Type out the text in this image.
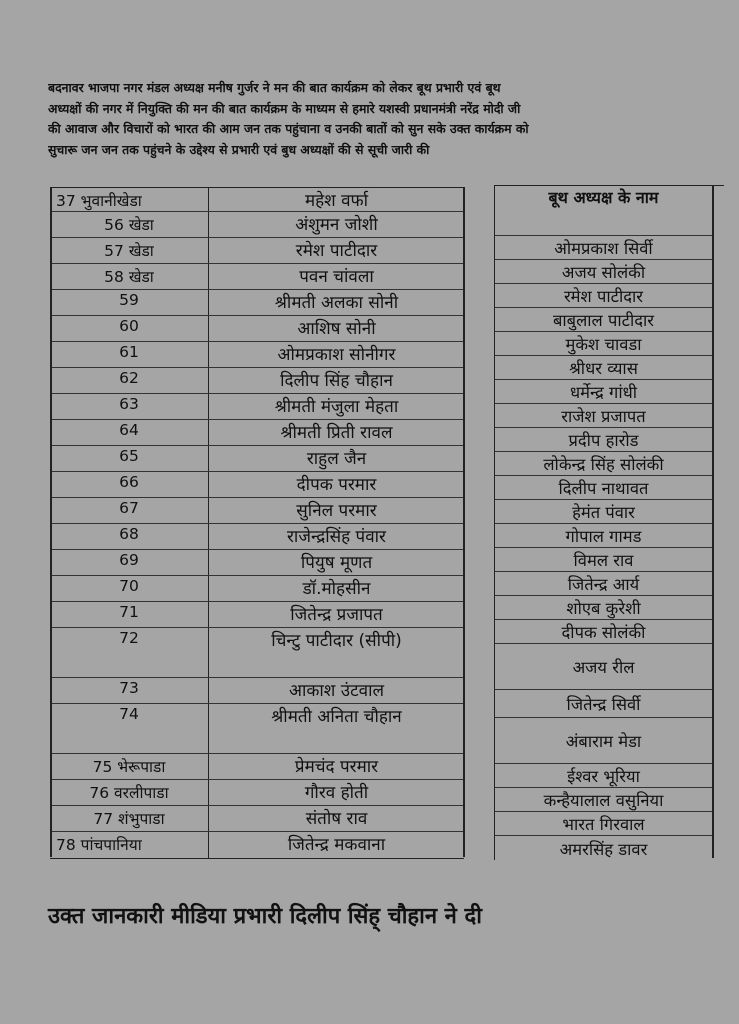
बदनावर भाजपा नगर मंडल अध्यक्ष मनीष गुर्जर ने मन की बात कार्यक्रम को लेकर बूथ प्रभारी एवं बूथ
अध्यक्षों की नगर में नियुक्ति की मन की बात कार्यक्रम के माध्यम से हमारे यशस्वी प्रधानमंत्री नरेंद्र मोदी जी
की आवाज और विचारों को भारत की आम जन तक पहुंचाना व उनकी बातों को सुन सके उक्त कार्यक्रम को
सुचारू जन जन तक पहुंचने के उद्देश्य से प्रभारी एवं बुध अध्यक्षों की से सूची जारी की
37 भुवानीखेडा	महेश वर्फा
56 खेडा	अंशुमन जोशी
57 खेडा	रमेश पाटीदार
58 खेडा	पवन चांवला
59	श्रीमती अलका सोनी
60	आशिष सोनी
61	ओमप्रकाश सोनीगर
62	दिलीप सिंह चौहान
63	श्रीमती मंजुला मेहता
64	श्रीमती प्रिती रावल
65	राहुल जैन
66	दीपक परमार
67	सुनिल परमार
68	राजेन्द्रसिंह पंवार
69	पियुष मूणत
70	डॉ.मोहसीन
71	जितेन्द्र प्रजापत
72	चिन्टु पाटीदार (सीपी)
73	आकाश उंटवाल
74	श्रीमती अनिता चौहान
75 भेरूपाडा	प्रेमचंद परमार
76 वरलीपाडा	गौरव होती
77 शंभुपाडा	संतोष राव
78 पांचपानिया	जितेन्द्र मकवाना
बूथ अध्यक्ष के नाम
ओमप्रकाश सिर्वी
अजय सोलंकी
रमेश पाटीदार
बाबुलाल पाटीदार
मुकेश चावडा
श्रीधर व्यास
धर्मेन्द्र गांधी
राजेश प्रजापत
प्रदीप हारोड
लोकेन्द्र सिंह सोलंकी
दिलीप नाथावत
हेमंत पंवार
गोपाल गामड
विमल राव
जितेन्द्र आर्य
शोएब कुरेशी
दीपक सोलंकी
अजय रील
जितेन्द्र सिर्वी
अंबाराम मेडा
ईश्वर भूरिया
कन्हैयालाल वसुनिया
भारत गिरवाल
अमरसिंह डावर
उक्त जानकारी मीडिया प्रभारी दिलीप सिंह् चौहान ने दी
